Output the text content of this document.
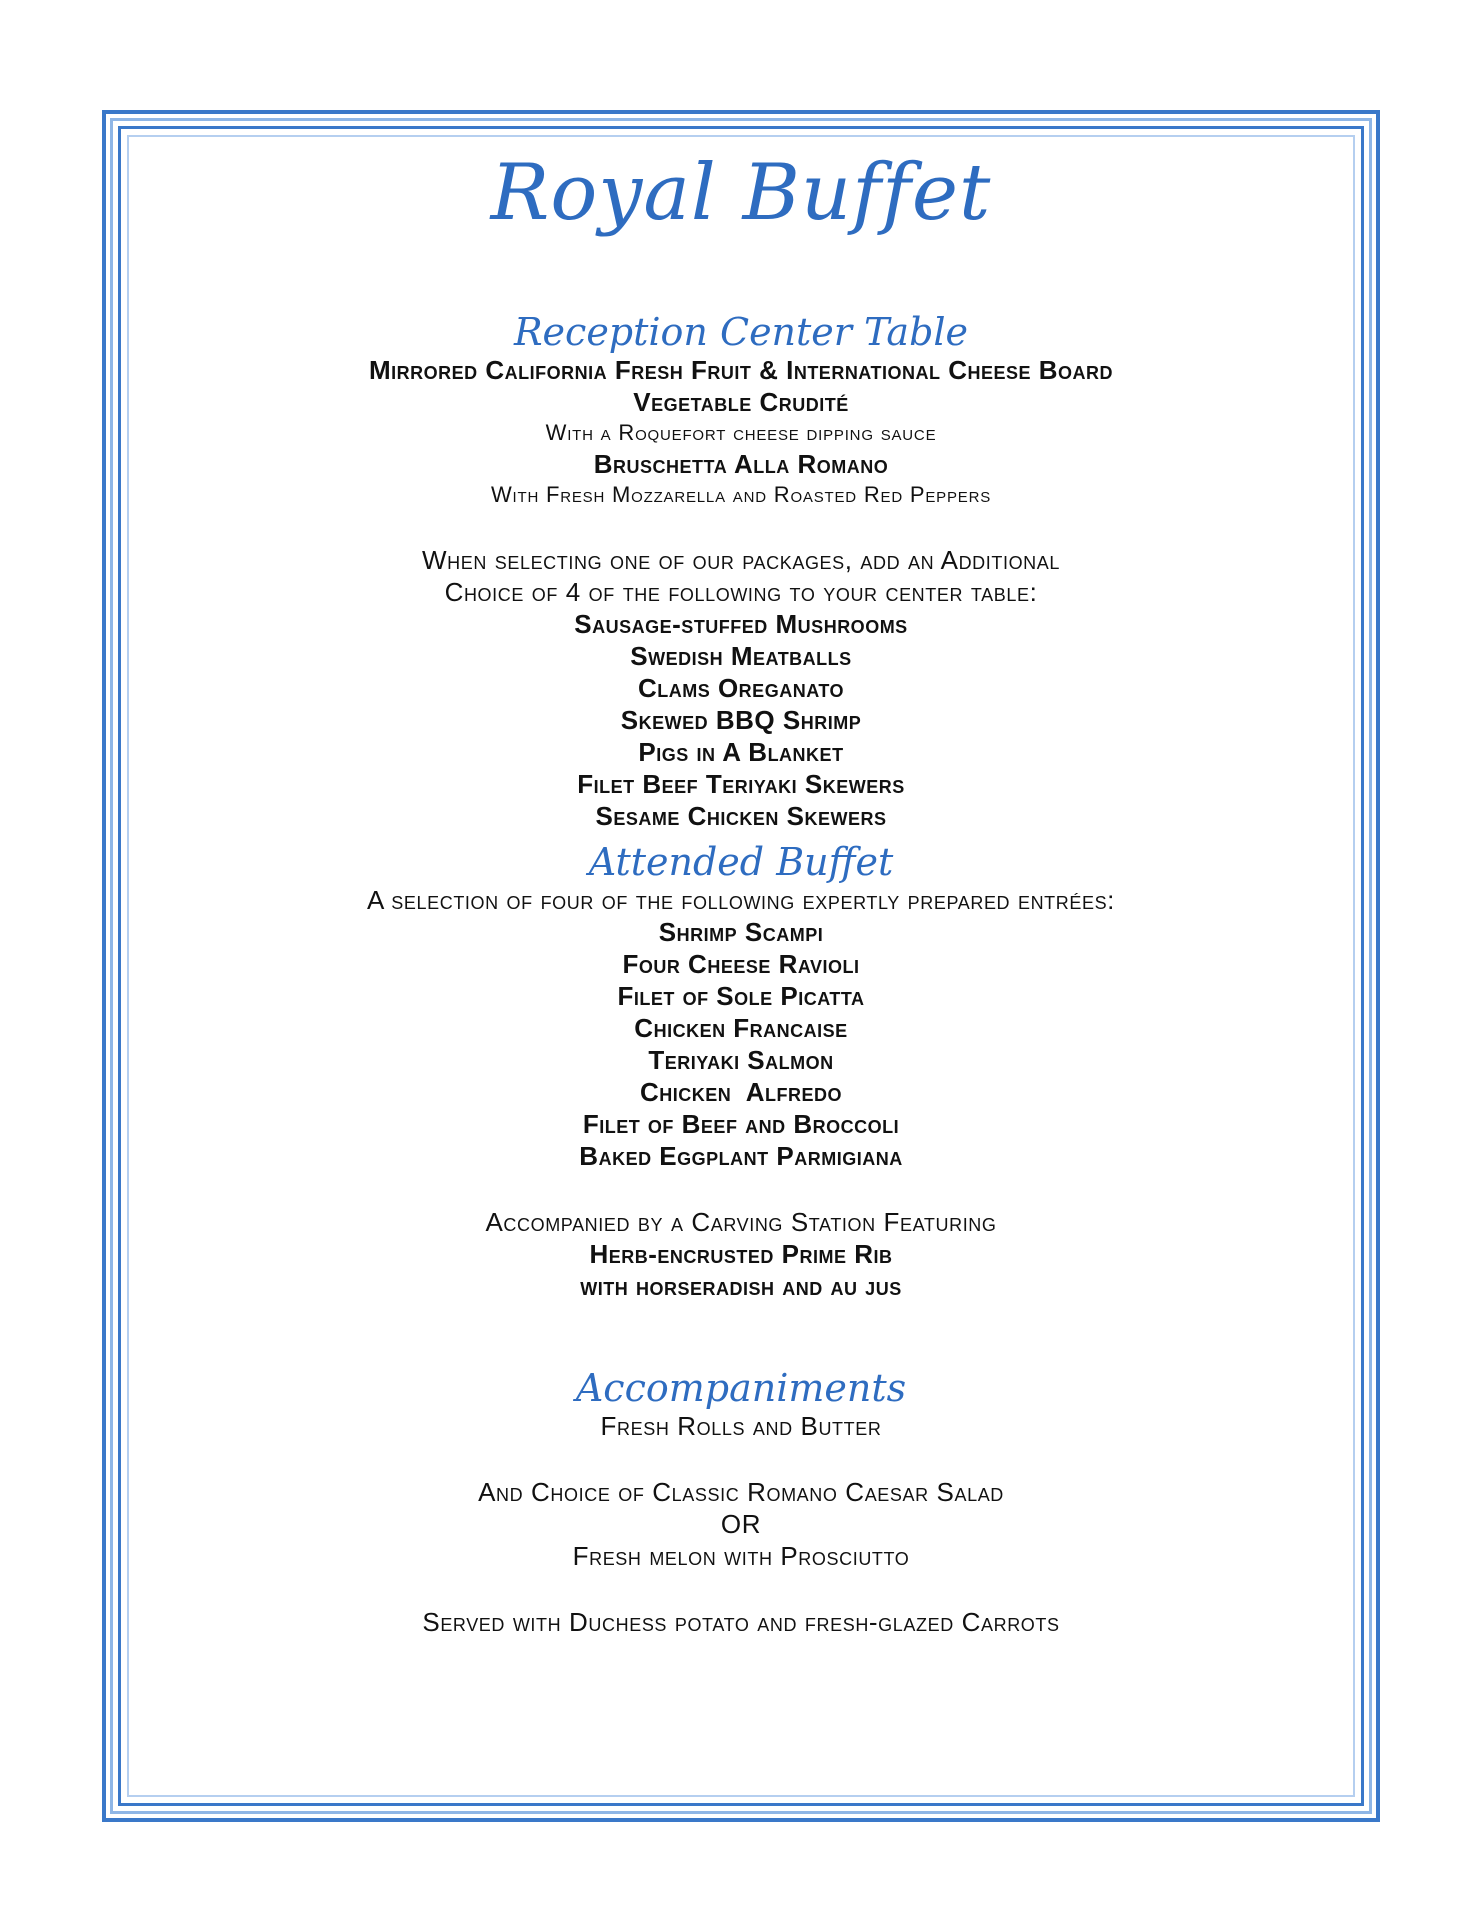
Royal Buffet
Reception Center Table
Mirrored California Fresh Fruit & International Cheese Board
Vegetable Crudité
With a Roquefort cheese dipping sauce
Bruschetta Alla Romano
With Fresh Mozzarella and Roasted Red Peppers
When selecting one of our packages, add an Additional
Choice of 4 of the following to your center table:
Sausage-stuffed Mushrooms
Swedish Meatballs
Clams Oreganato
Skewed BBQ Shrimp
Pigs in A Blanket
Filet Beef Teriyaki Skewers
Sesame Chicken Skewers
Attended Buffet
A selection of four of the following expertly prepared entrées:
Shrimp Scampi
Four Cheese Ravioli
Filet of Sole Picatta
Chicken Francaise
Teriyaki Salmon
Chicken  Alfredo
Filet of Beef and Broccoli
Baked Eggplant Parmigiana
Accompanied by a Carving Station Featuring
Herb-encrusted Prime Rib
with horseradish and au jus
Accompaniments
Fresh Rolls and Butter
And Choice of Classic Romano Caesar Salad
OR
Fresh melon with Prosciutto
Served with Duchess potato and fresh-glazed Carrots
